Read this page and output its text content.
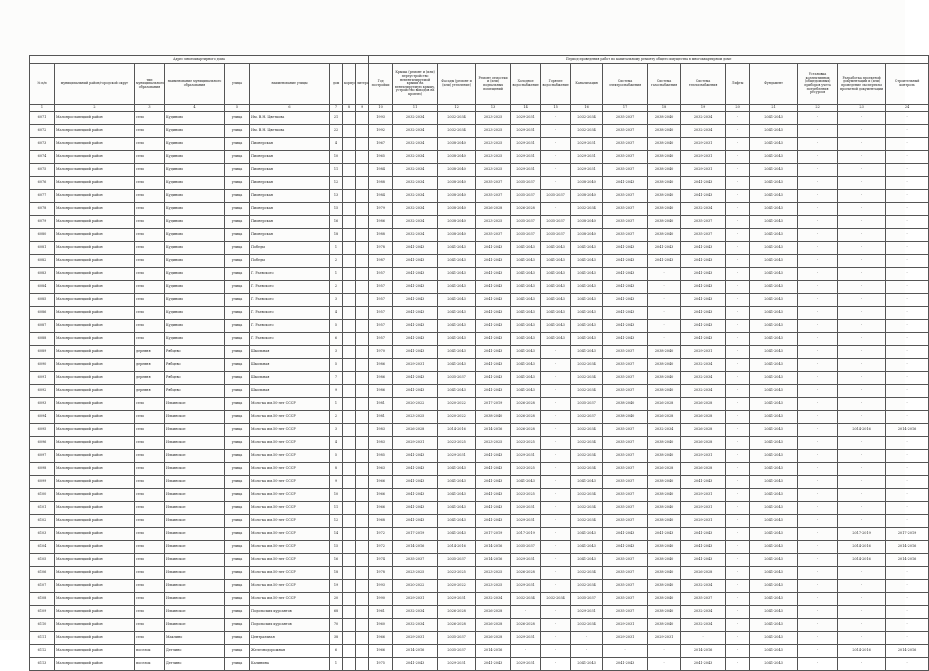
Адрес многоквартирного дома									Период проведения работ по капитальному ремонту общего имущества в многоквартирном доме														
№ п/п	муниципальный район/городской округ	тип муниципального образования	наименование муниципального образования	улица	наименование улицы	дом	корпус	литера	Год постройки	Крыша (ремонт и (или) переустройство невентилируемой крыши на вентилируемую крышу, устройство выходов на кровлю)	Фасады (ремонт и (или) утепление)	Ремонт отмостки и (или) подвальных помещений	Холодное водоснабжение	Горячее водоснабжение	Канализация	Система электроснабжения	Система газоснабжения	Система теплоснабжения	Лифты	Фундамент	Установка коллективных (общедомовых) приборов учета потребления ресурсов	Разработка проектной документации и (или) проведение экспертизы проектной документации	Строительный контроль
1	2	3	4	5	6	7	8	9	10	11	12	13	14	15	16	17	18	19	20	21	22	23	24
6071	Малоярославецкий район	село	Кудиново	улица	Им. В.Н. Цветкова	21			1993	2032-2034	2032-2034	2023-2025	2029-2031	-	2032-2034	2035-2037	2038-2040	2032-2034	-	2041-2043	-	-	-
6072	Малоярославецкий район	село	Кудиново	улица	Им. В.Н. Цветкова	22			1992	2032-2034	2032-2034	2023-2025	2029-2031	-	2032-2034	2035-2037	2038-2040	2032-2034	-	2041-2043	-	-	-
6073	Малоярославецкий район	село	Кудиново	улица	Пионерская	4			1967	2032-2034	2038-2040	2023-2025	2029-2031	-	2029-2031	2035-2037	2038-2040	2029-2031	-	2041-2043	-	-	-
6074	Малоярославецкий район	село	Кудиново	улица	Пионерская	10			1965	2032-2034	2038-2040	2023-2025	2029-2031	-	2029-2031	2035-2037	2038-2040	2029-2031	-	2041-2043	-	-	-
6075	Малоярославецкий район	село	Кудиново	улица	Пионерская	11			1984	2032-2034	2038-2040	2023-2025	2029-2031	-	2029-2031	2035-2037	2038-2040	2029-2031	-	2041-2043	-	-	-
6076	Малоярославецкий район	село	Кудиново	улица	Пионерская	12			1988	2032-2034	2038-2040	2035-2037	2035-2037	-	2038-2040	2041-2043	2038-2040	2041-2043	-	2041-2043	-	-	-
6077	Малоярославецкий район	село	Кудиново	улица	Пионерская	13			1984	2032-2034	2038-2040	2035-2037	2035-2037	2035-2037	2038-2040	2035-2037	2038-2040	2041-2043	-	2041-2043	-	-	-
6078	Малоярославецкий район	село	Кудиново	улица	Пионерская	15			1979	2032-2034	2038-2040	2026-2028	2026-2028	-	2032-2034	2035-2037	2038-2040	2032-2034	-	2041-2043	-	-	-
6079	Малоярославецкий район	село	Кудиново	улица	Пионерская	16			1986	2032-2034	2038-2040	2023-2025	2035-2037	2035-2037	2038-2040	2035-2037	2038-2040	2035-2037	-	2041-2043	-	-	-
6080	Малоярославецкий район	село	Кудиново	улица	Пионерская	18			1988	2032-2034	2038-2040	2035-2037	2035-2037	2035-2037	2038-2040	2035-2037	2038-2040	2035-2037	-	2041-2043	-	-	-
6081	Малоярославецкий район	село	Кудиново	улица	Победы	1			1978	2041-2043	2041-2043	2041-2043	2041-2043	2041-2043	2041-2043	2041-2043	2041-2043	2041-2043	-	2041-2043	-	-	-
6082	Малоярославецкий район	село	Кудиново	улица	Победы	2			1987	2041-2043	2041-2043	2041-2043	2041-2043	2041-2043	2041-2043	2041-2043	2041-2043	2041-2043	-	2041-2043	-	-	-
6083	Малоярославецкий район	село	Кудиново	улица	Г. Раевского	1			1957	2041-2043	2041-2043	2041-2043	2041-2043	2041-2043	2041-2043	2041-2043	-	2041-2043	-	2041-2043	-	-	-
6084	Малоярославецкий район	село	Кудиново	улица	Г. Раевского	2			1957	2041-2043	2041-2043	2041-2043	2041-2043	2041-2043	2041-2043	2041-2043	-	2041-2043	-	2041-2043	-	-	-
6085	Малоярославецкий район	село	Кудиново	улица	Г. Раевского	3			1957	2041-2043	2041-2043	2041-2043	2041-2043	2041-2043	2041-2043	2041-2043	-	2041-2043	-	2041-2043	-	-	-
6086	Малоярославецкий район	село	Кудиново	улица	Г. Раевского	4			1957	2041-2043	2041-2043	2041-2043	2041-2043	2041-2043	2041-2043	2041-2043	-	2041-2043	-	2041-2043	-	-	-
6087	Малоярославецкий район	село	Кудиново	улица	Г. Раевского	5			1957	2041-2043	2041-2043	2041-2043	2041-2043	2041-2043	2041-2043	2041-2043	-	2041-2043	-	2041-2043	-	-	-
6088	Малоярославецкий район	село	Кудиново	улица	Г. Раевского	6			1957	2041-2043	2041-2043	2041-2043	2041-2043	2041-2043	2041-2043	2041-2043	-	2041-2043	-	2041-2043	-	-	-
6089	Малоярославецкий район	деревня	Рябцево	улица	Школьная	3			1970	2041-2043	2041-2043	2041-2043	2041-2043	-	2041-2043	2035-2037	2038-2040	2029-2031	-	2041-2043	-	-	-
6090	Малоярославецкий район	деревня	Рябцево	улица	Школьная	5			1986	2029-2031	2041-2043	2041-2043	2041-2043	-	2032-2034	2035-2037	2038-2040	2032-2034	-	2041-2043	-	-	-
6091	Малоярославецкий район	деревня	Рябцево	улица	Школьная	7			1986	2041-2043	2035-2037	2041-2043	2041-2043	-	2032-2034	2035-2037	2038-2040	2032-2034	-	2041-2043	-	-	-
6092	Малоярославецкий район	деревня	Рябцево	улица	Школьная	9			1986	2041-2043	2041-2043	2041-2043	2041-2043	-	2032-2034	2035-2037	2038-2040	2032-2034	-	2041-2043	-	-	-
6093	Малоярославецкий район	село	Ильинское	улица	Моло-ка им.50-лет СССР	1			1981	2020-2022	2020-2022	2017-2019	2026-2028	-	2035-2037	2038-2040	2026-2028	2026-2028	-	2041-2043	-	-	-
6094	Малоярославецкий район	село	Ильинское	улица	Моло-ка им.50-лет СССР	2			1981	2023-2025	2020-2022	2038-2040	2026-2028	-	2032-2037	2038-2040	2026-2028	2026-2028	-	2041-2043	-	-	-
6095	Малоярославецкий район	село	Ильинское	улица	Моло-ка им.50-лет СССР	3			1983	2026-2028	2014-2016	2014-2016	2026-2028	-	2032-2034	2035-2037	2032-2034	2026-2028	-	2041-2043	-	2014-2016	2014-2016
6096	Малоярославецкий район	село	Ильинское	улица	Моло-ка им.50-лет СССР	4			1983	2029-2031	2023-2025	2023-2025	2023-2025	-	2032-2034	2035-2037	2038-2040	2026-2028	-	2041-2043	-	-	-
6097	Малоярославецкий район	село	Ильинское	улица	Моло-ка им.50-лет СССР	5			1985	2041-2043	2029-2031	2041-2043	2029-2031	-	2032-2034	2035-2037	2038-2040	2029-2031	-	2041-2043	-	-	-
6098	Малоярославецкий район	село	Ильинское	улица	Моло-ка им.50-лет СССР	8			1963	2041-2043	2041-2043	2041-2043	2023-2025	-	2032-2034	2035-2037	2026-2028	2026-2028	-	2041-2043	-	-	-
6099	Малоярославецкий район	село	Ильинское	улица	Моло-ка им.50-лет СССР	9			1966	2041-2043	2041-2043	2041-2043	2041-2043	-	2041-2043	2035-2037	2038-2040	2041-2043	-	2041-2043	-	-	-
6100	Малоярославецкий район	село	Ильинское	улица	Моло-ка им.50-лет СССР	10			1966	2041-2043	2041-2043	2041-2043	2023-2025	-	2032-2034	2035-2037	2038-2040	2029-2031	-	2041-2043	-	-	-
6101	Малоярославецкий район	село	Ильинское	улица	Моло-ка им.50-лет СССР	11			1966	2041-2043	2041-2043	2041-2043	2020-2031	-	2032-2034	2035-2037	2038-2040	2029-2031	-	2041-2043	-	-	-
6102	Малоярославецкий район	село	Ильинское	улица	Моло-ка им.50-лет СССР	12			1968	2041-2043	2041-2043	2041-2043	2029-2031	-	2032-2034	2035-2037	2038-2040	2029-2031	-	2041-2043	-	-	-
6103	Малоярославецкий район	село	Ильинское	улица	Моло-ка им.50-лет СССР	14			1972	2017-2019	2041-2043	2017-2019	2017-2019	-	2041-2043	2041-2043	2041-2043	2041-2043	-	2041-2043	-	2017-2019	2017-2019
6104	Малоярославецкий район	село	Ильинское	улица	Моло-ка им.50-лет СССР	15			1972	2014-2016	2014-2016	2014-2016	2035-2037	-	2041-2043	2041-2043	2038-2040	2041-2043	-	2041-2043	-	2014-2016	2014-2016
6105	Малоярославецкий район	село	Ильинское	улица	Моло-ка им.50-лет СССР	16			1974	2035-2037	2035-2037	2014-2016	2029-2031	-	2041-2043	2035-2037	2038-2040	2041-2043	-	2041-2043	-	2014-2016	2014-2016
6106	Малоярославецкий район	село	Ильинское	улица	Моло-ка им.50-лет СССР	18			1978	2023-2025	2023-2025	2023-2025	2026-2028	-	2032-2034	2035-2037	2038-2040	2026-2028	-	2041-2043	-	-	-
6107	Малоярославецкий район	село	Ильинское	улица	Моло-ка им.50-лет СССР	19			1993	2020-2022	2020-2022	2023-2025	2029-2031	-	2032-2034	2035-2037	2038-2040	2032-2034	-	2041-2043	-	-	-
6108	Малоярославецкий район	село	Ильинское	улица	Моло-ка им.50-лет СССР	20			1990	2029-2031	2029-2031	2032-2034	2032-2034	2032-2034	2035-2037	2035-2037	2038-2040	2035-2037	-	2041-2043	-	-	-
6109	Малоярославецкий район	село	Ильинское	улица	Подольских курсантов	68			1961	2032-2034	2026-2028	2026-2028	-	-	2029-2031	2035-2037	2038-2040	2032-2034	-	2041-2043	-	-	-
6110	Малоярославецкий район	село	Ильинское	улица	Подольских курсантов	70			1960	2032-2034	2026-2028	2026-2028	2026-2028	-	2032-2034	2029-2031	2038-2040	2032-2034	-	2041-2043	-	-	-
6111	Малоярославецкий район	село	Маклино	улица	Центральная	38			1966	2029-2031	2035-2037	2026-2028	2029-2031	-	-	2029-2031	2029-2031	-	-	2041-2043	-	-	-
6112	Малоярославецкий район	поселок	Детчино	улица	Железнодорожная	6			1966	2014-2016	2035-2037	2014-2016	-	-	-	-	-	2014-2016	-	2041-2043	-	2014-2016	2014-2016
6113	Малоярославецкий район	поселок	Детчино	улица	Калинина	1			1975	2041-2043	2029-2031	2041-2043	2029-2031	-	2041-2043	2041-2043	-	2041-2043	-	2041-2043	-	-	-
